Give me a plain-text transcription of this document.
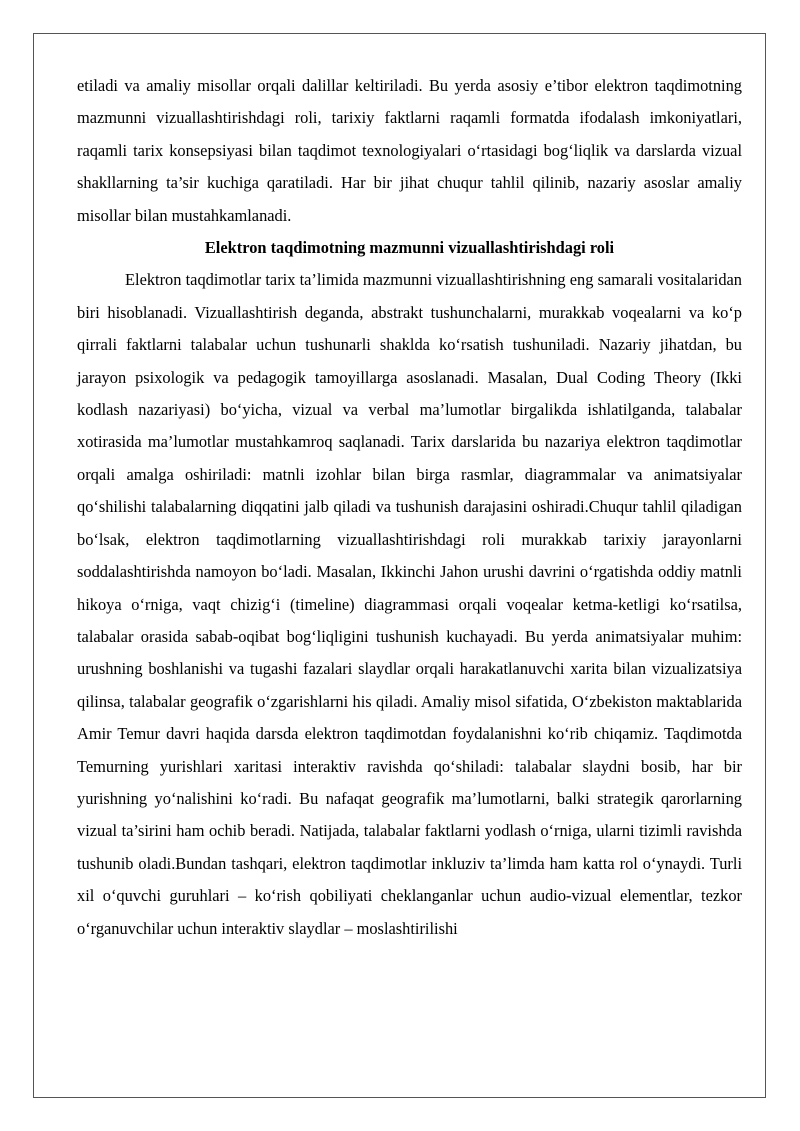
etiladi va amaliy misollar orqali dalillar keltiriladi. Bu yerda asosiy e’tibor elektron taqdimotning mazmunni vizuallashtirishdagi roli, tarixiy faktlarni raqamli formatda ifodalash imkoniyatlari, raqamli tarix konsepsiyasi bilan taqdimot texnologiyalari o‘rtasidagi bog‘liqlik va darslarda vizual shakllarning ta’sir kuchiga qaratiladi. Har bir jihat chuqur tahlil qilinib, nazariy asoslar amaliy misollar bilan mustahkamlanadi.

Elektron taqdimotning mazmunni vizuallashtirishdagi roli

Elektron taqdimotlar tarix ta’limida mazmunni vizuallashtirishning eng samarali vositalaridan biri hisoblanadi. Vizuallashtirish deganda, abstrakt tushunchalarni, murakkab voqealarni va ko‘p qirrali faktlarni talabalar uchun tushunarli shaklda ko‘rsatish tushuniladi. Nazariy jihatdan, bu jarayon psixologik va pedagogik tamoyillarga asoslanadi. Masalan, Dual Coding Theory (Ikki kodlash nazariyasi) bo‘yicha, vizual va verbal ma’lumotlar birgalikda ishlatilganda, talabalar xotirasida ma’lumotlar mustahkamroq saqlanadi. Tarix darslarida bu nazariya elektron taqdimotlar orqali amalga oshiriladi: matnli izohlar bilan birga rasmlar, diagrammalar va animatsiyalar qo‘shilishi talabalarning diqqatini jalb qiladi va tushunish darajasini oshiradi.Chuqur tahlil qiladigan bo‘lsak, elektron taqdimotlarning vizuallashtirishdagi roli murakkab tarixiy jarayonlarni soddalashtirishda namoyon bo‘ladi. Masalan, Ikkinchi Jahon urushi davrini o‘rgatishda oddiy matnli hikoya o‘rniga, vaqt chizig‘i (timeline) diagrammasi orqali voqealar ketma-ketligi ko‘rsatilsa, talabalar orasida sabab-oqibat bog‘liqligini tushunish kuchayadi. Bu yerda animatsiyalar muhim: urushning boshlanishi va tugashi fazalari slaydlar orqali harakatlanuvchi xarita bilan vizualizatsiya qilinsa, talabalar geografik o‘zgarishlarni his qiladi. Amaliy misol sifatida, O‘zbekiston maktablarida Amir Temur davri haqida darsda elektron taqdimotdan foydalanishni ko‘rib chiqamiz. Taqdimotda Temurning yurishlari xaritasi interaktiv ravishda qo‘shiladi: talabalar slaydni bosib, har bir yurishning yo‘nalishini ko‘radi. Bu nafaqat geografik ma’lumotlarni, balki strategik qarorlarning vizual ta’sirini ham ochib beradi. Natijada, talabalar faktlarni yodlash o‘rniga, ularni tizimli ravishda tushunib oladi.Bundan tashqari, elektron taqdimotlar inkluziv ta’limda ham katta rol o‘ynaydi. Turli xil o‘quvchi guruhlari – ko‘rish qobiliyati cheklanganlar uchun audio-vizual elementlar, tezkor o‘rganuvchilar uchun interaktiv slaydlar – moslashtirilishi
